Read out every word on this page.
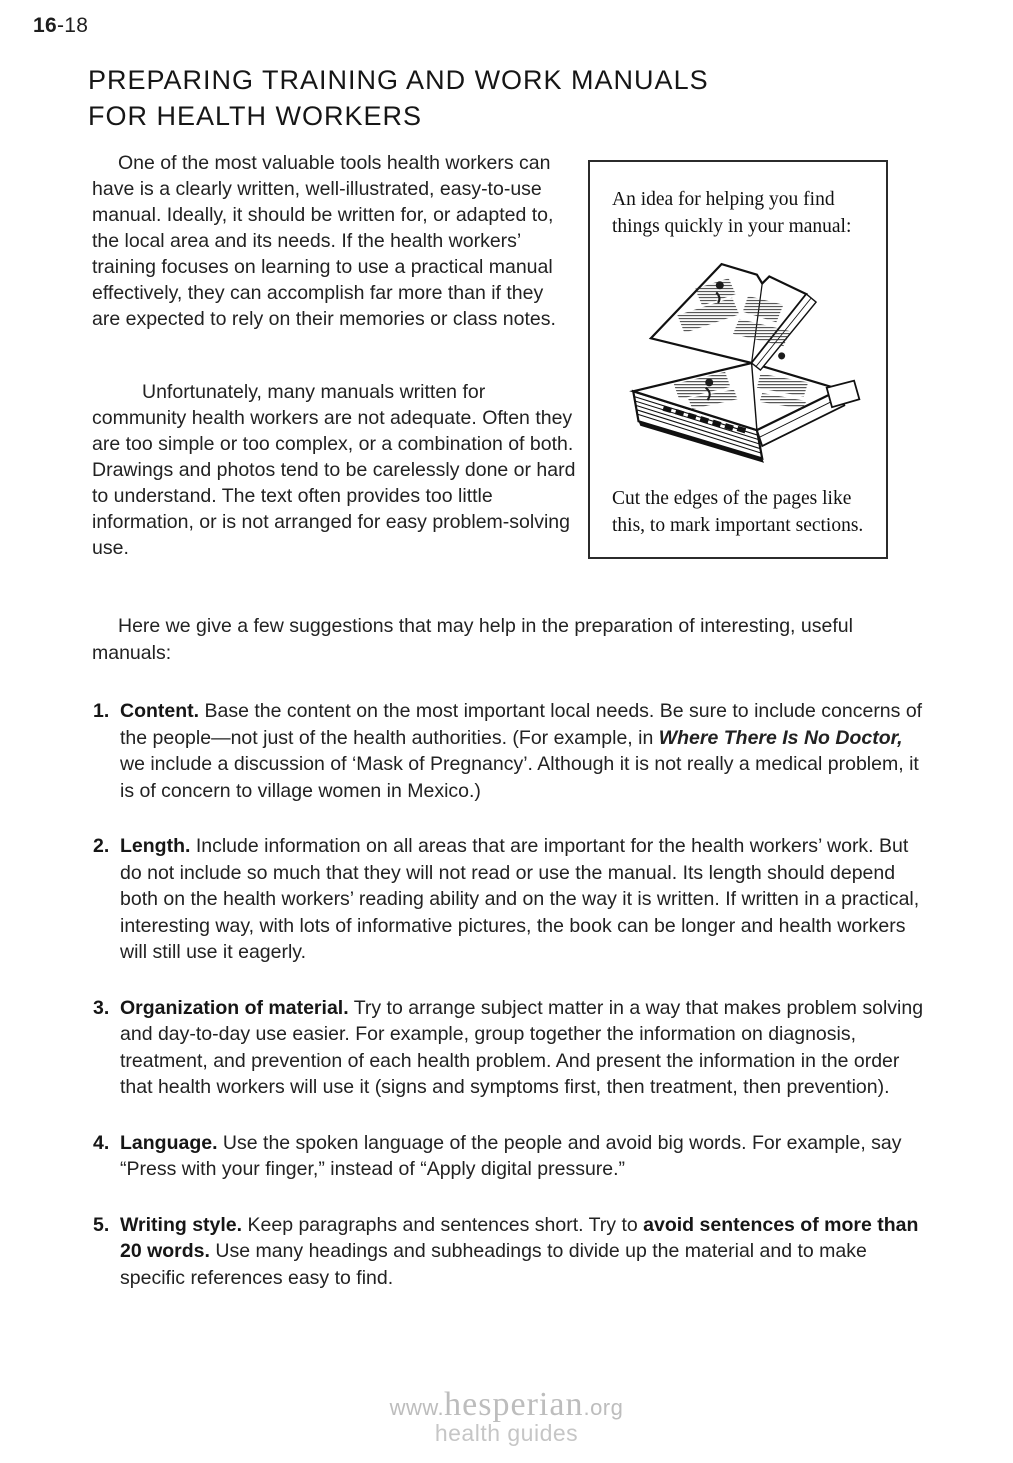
16-18
PREPARING TRAINING AND WORK MANUALS
FOR HEALTH WORKERS

One of the most valuable tools health workers can have is a clearly written, well-illustrated, easy-to-use manual. Ideally, it should be written for, or adapted to, the local area and its needs. If the health workers’ training focuses on learning to use a practical manual effectively, they can accomplish far more than if they are expected to rely on their memories or class notes.

Unfortunately, many manuals written for community health workers are not adequate. Often they are too simple or too complex, or a combination of both. Drawings and photos tend to be carelessly done or hard to understand. The text often provides too little information, or is not arranged for easy problem-solving use.

An idea for helping you find things quickly in your manual:
Cut the edges of the pages like this, to mark important sections.

Here we give a few suggestions that may help in the preparation of interesting, useful manuals:

1. Content. Base the content on the most important local needs. Be sure to include concerns of the people—not just of the health authorities. (For example, in Where There Is No Doctor, we include a discussion of ‘Mask of Pregnancy’. Although it is not really a medical problem, it is of concern to village women in Mexico.)
2. Length. Include information on all areas that are important for the health workers’ work. But do not include so much that they will not read or use the manual. Its length should depend both on the health workers’ reading ability and on the way it is written. If written in a practical, interesting way, with lots of informative pictures, the book can be longer and health workers will still use it eagerly.
3. Organization of material. Try to arrange subject matter in a way that makes problem solving and day-to-day use easier. For example, group together the information on diagnosis, treatment, and prevention of each health problem. And present the information in the order that health workers will use it (signs and symptoms first, then treatment, then prevention).
4. Language. Use the spoken language of the people and avoid big words. For example, say “Press with your finger,” instead of “Apply digital pressure.”
5. Writing style. Keep paragraphs and sentences short. Try to avoid sentences of more than 20 words. Use many headings and subheadings to divide up the material and to make specific references easy to find.
www.hesperian.org
health guides
